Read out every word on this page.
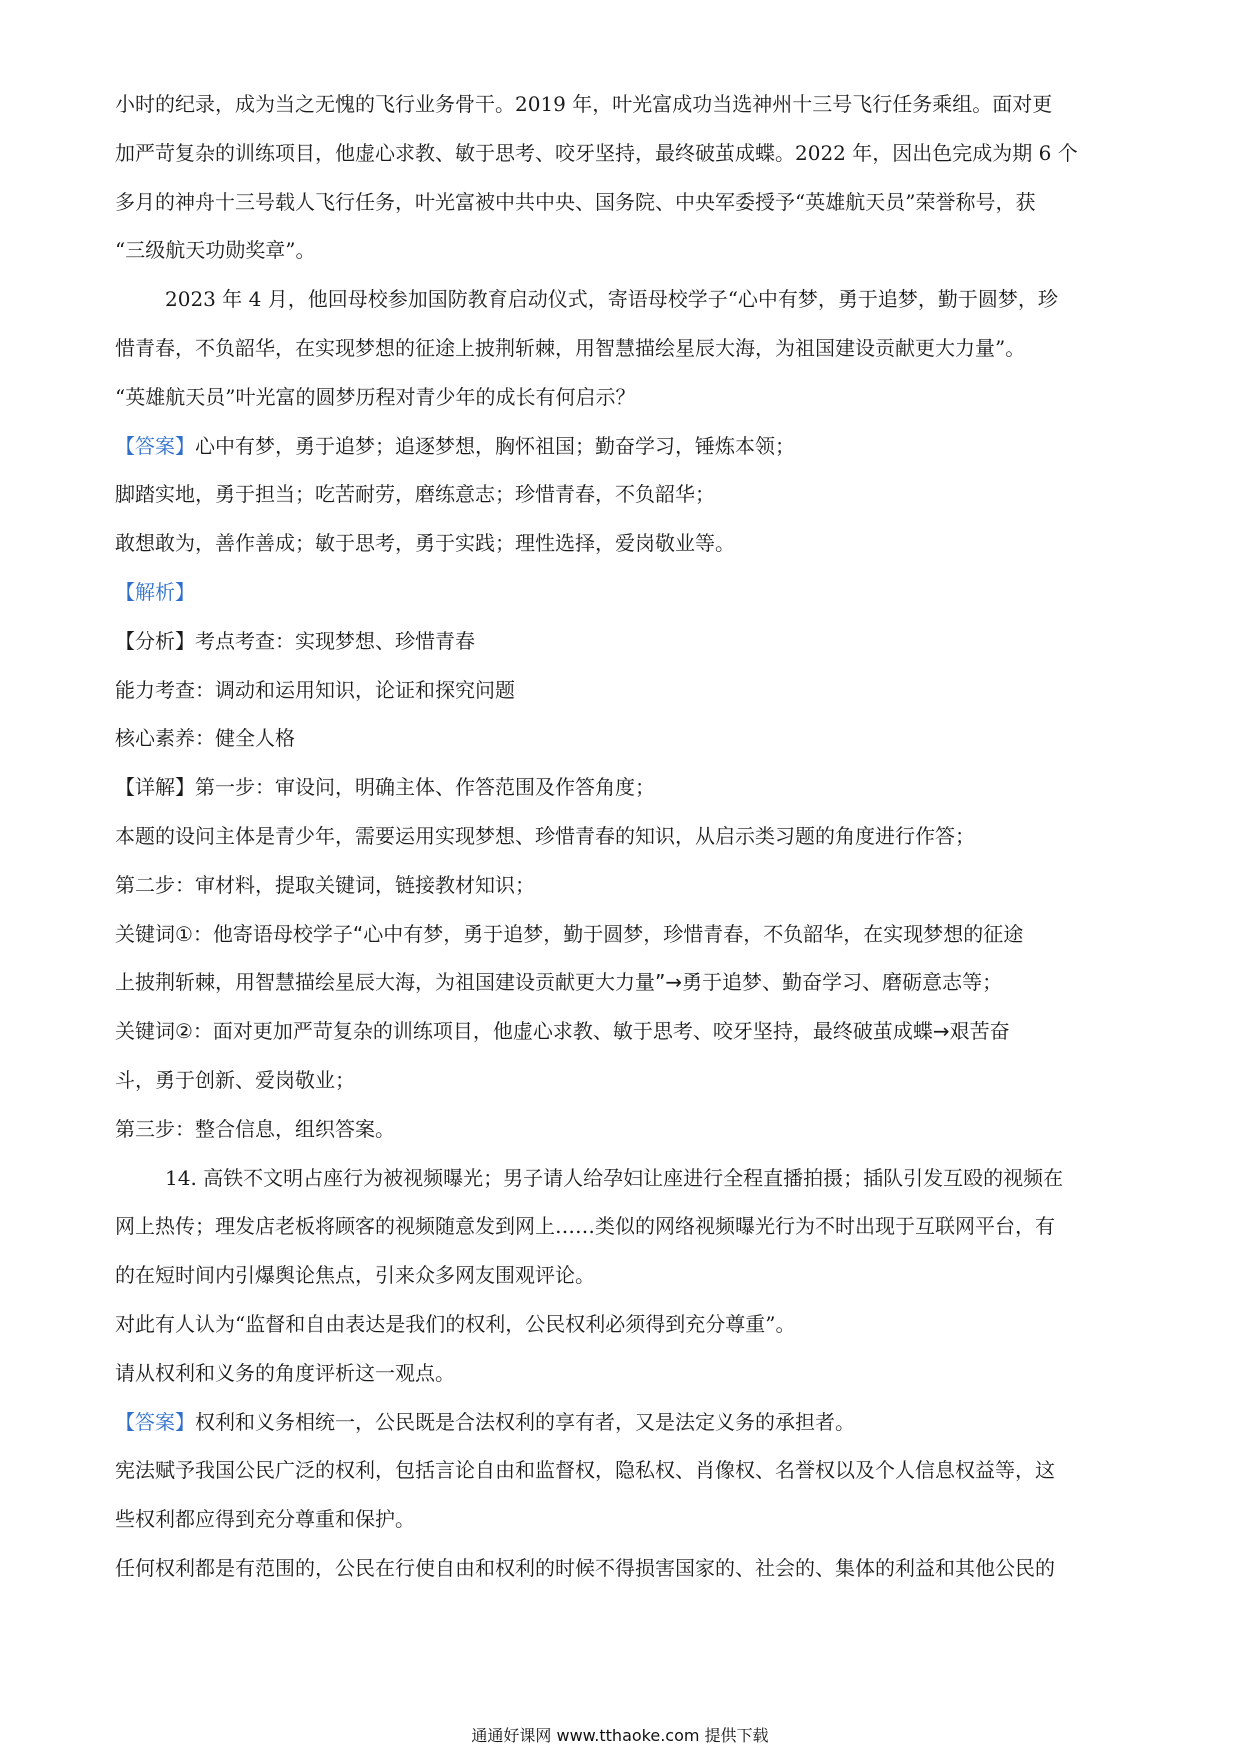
小时的纪录，成为当之无愧的飞行业务骨干。2019 年，叶光富成功当选神州十三号飞行任务乘组。面对更
加严苛复杂的训练项目，他虚心求教、敏于思考、咬牙坚持，最终破茧成蝶。2022 年，因出色完成为期 6 个
多月的神舟十三号载人飞行任务，叶光富被中共中央、国务院、中央军委授予“英雄航天员”荣誉称号，获
“三级航天功勋奖章”。
2023 年 4 月，他回母校参加国防教育启动仪式，寄语母校学子“心中有梦，勇于追梦，勤于圆梦，珍
惜青春，不负韶华，在实现梦想的征途上披荆斩棘，用智慧描绘星辰大海，为祖国建设贡献更大力量”。
“英雄航天员”叶光富的圆梦历程对青少年的成长有何启示？
【答案】心中有梦，勇于追梦；追逐梦想，胸怀祖国；勤奋学习，锤炼本领；
脚踏实地，勇于担当；吃苦耐劳，磨练意志；珍惜青春，不负韶华；
敢想敢为，善作善成；敏于思考，勇于实践；理性选择，爱岗敬业等。
【解析】
【分析】考点考查：实现梦想、珍惜青春
能力考查：调动和运用知识，论证和探究问题
核心素养：健全人格
【详解】第一步：审设问，明确主体、作答范围及作答角度；
本题的设问主体是青少年，需要运用实现梦想、珍惜青春的知识，从启示类习题的角度进行作答；
第二步：审材料，提取关键词，链接教材知识；
关键词①：他寄语母校学子“心中有梦，勇于追梦，勤于圆梦，珍惜青春，不负韶华，在实现梦想的征途
上披荆斩棘，用智慧描绘星辰大海，为祖国建设贡献更大力量”→勇于追梦、勤奋学习、磨砺意志等；
关键词②：面对更加严苛复杂的训练项目，他虚心求教、敏于思考、咬牙坚持，最终破茧成蝶→艰苦奋
斗，勇于创新、爱岗敬业；
第三步：整合信息，组织答案。
14. 高铁不文明占座行为被视频曝光；男子请人给孕妇让座进行全程直播拍摄；插队引发互殴的视频在
网上热传；理发店老板将顾客的视频随意发到网上……类似的网络视频曝光行为不时出现于互联网平台，有
的在短时间内引爆舆论焦点，引来众多网友围观评论。
对此有人认为“监督和自由表达是我们的权利，公民权利必须得到充分尊重”。
请从权利和义务的角度评析这一观点。
【答案】权利和义务相统一，公民既是合法权利的享有者，又是法定义务的承担者。
宪法赋予我国公民广泛的权利，包括言论自由和监督权，隐私权、肖像权、名誉权以及个人信息权益等，这
些权利都应得到充分尊重和保护。
任何权利都是有范围的，公民在行使自由和权利的时候不得损害国家的、社会的、集体的利益和其他公民的
通通好课网 www.tthaoke.com 提供下载
